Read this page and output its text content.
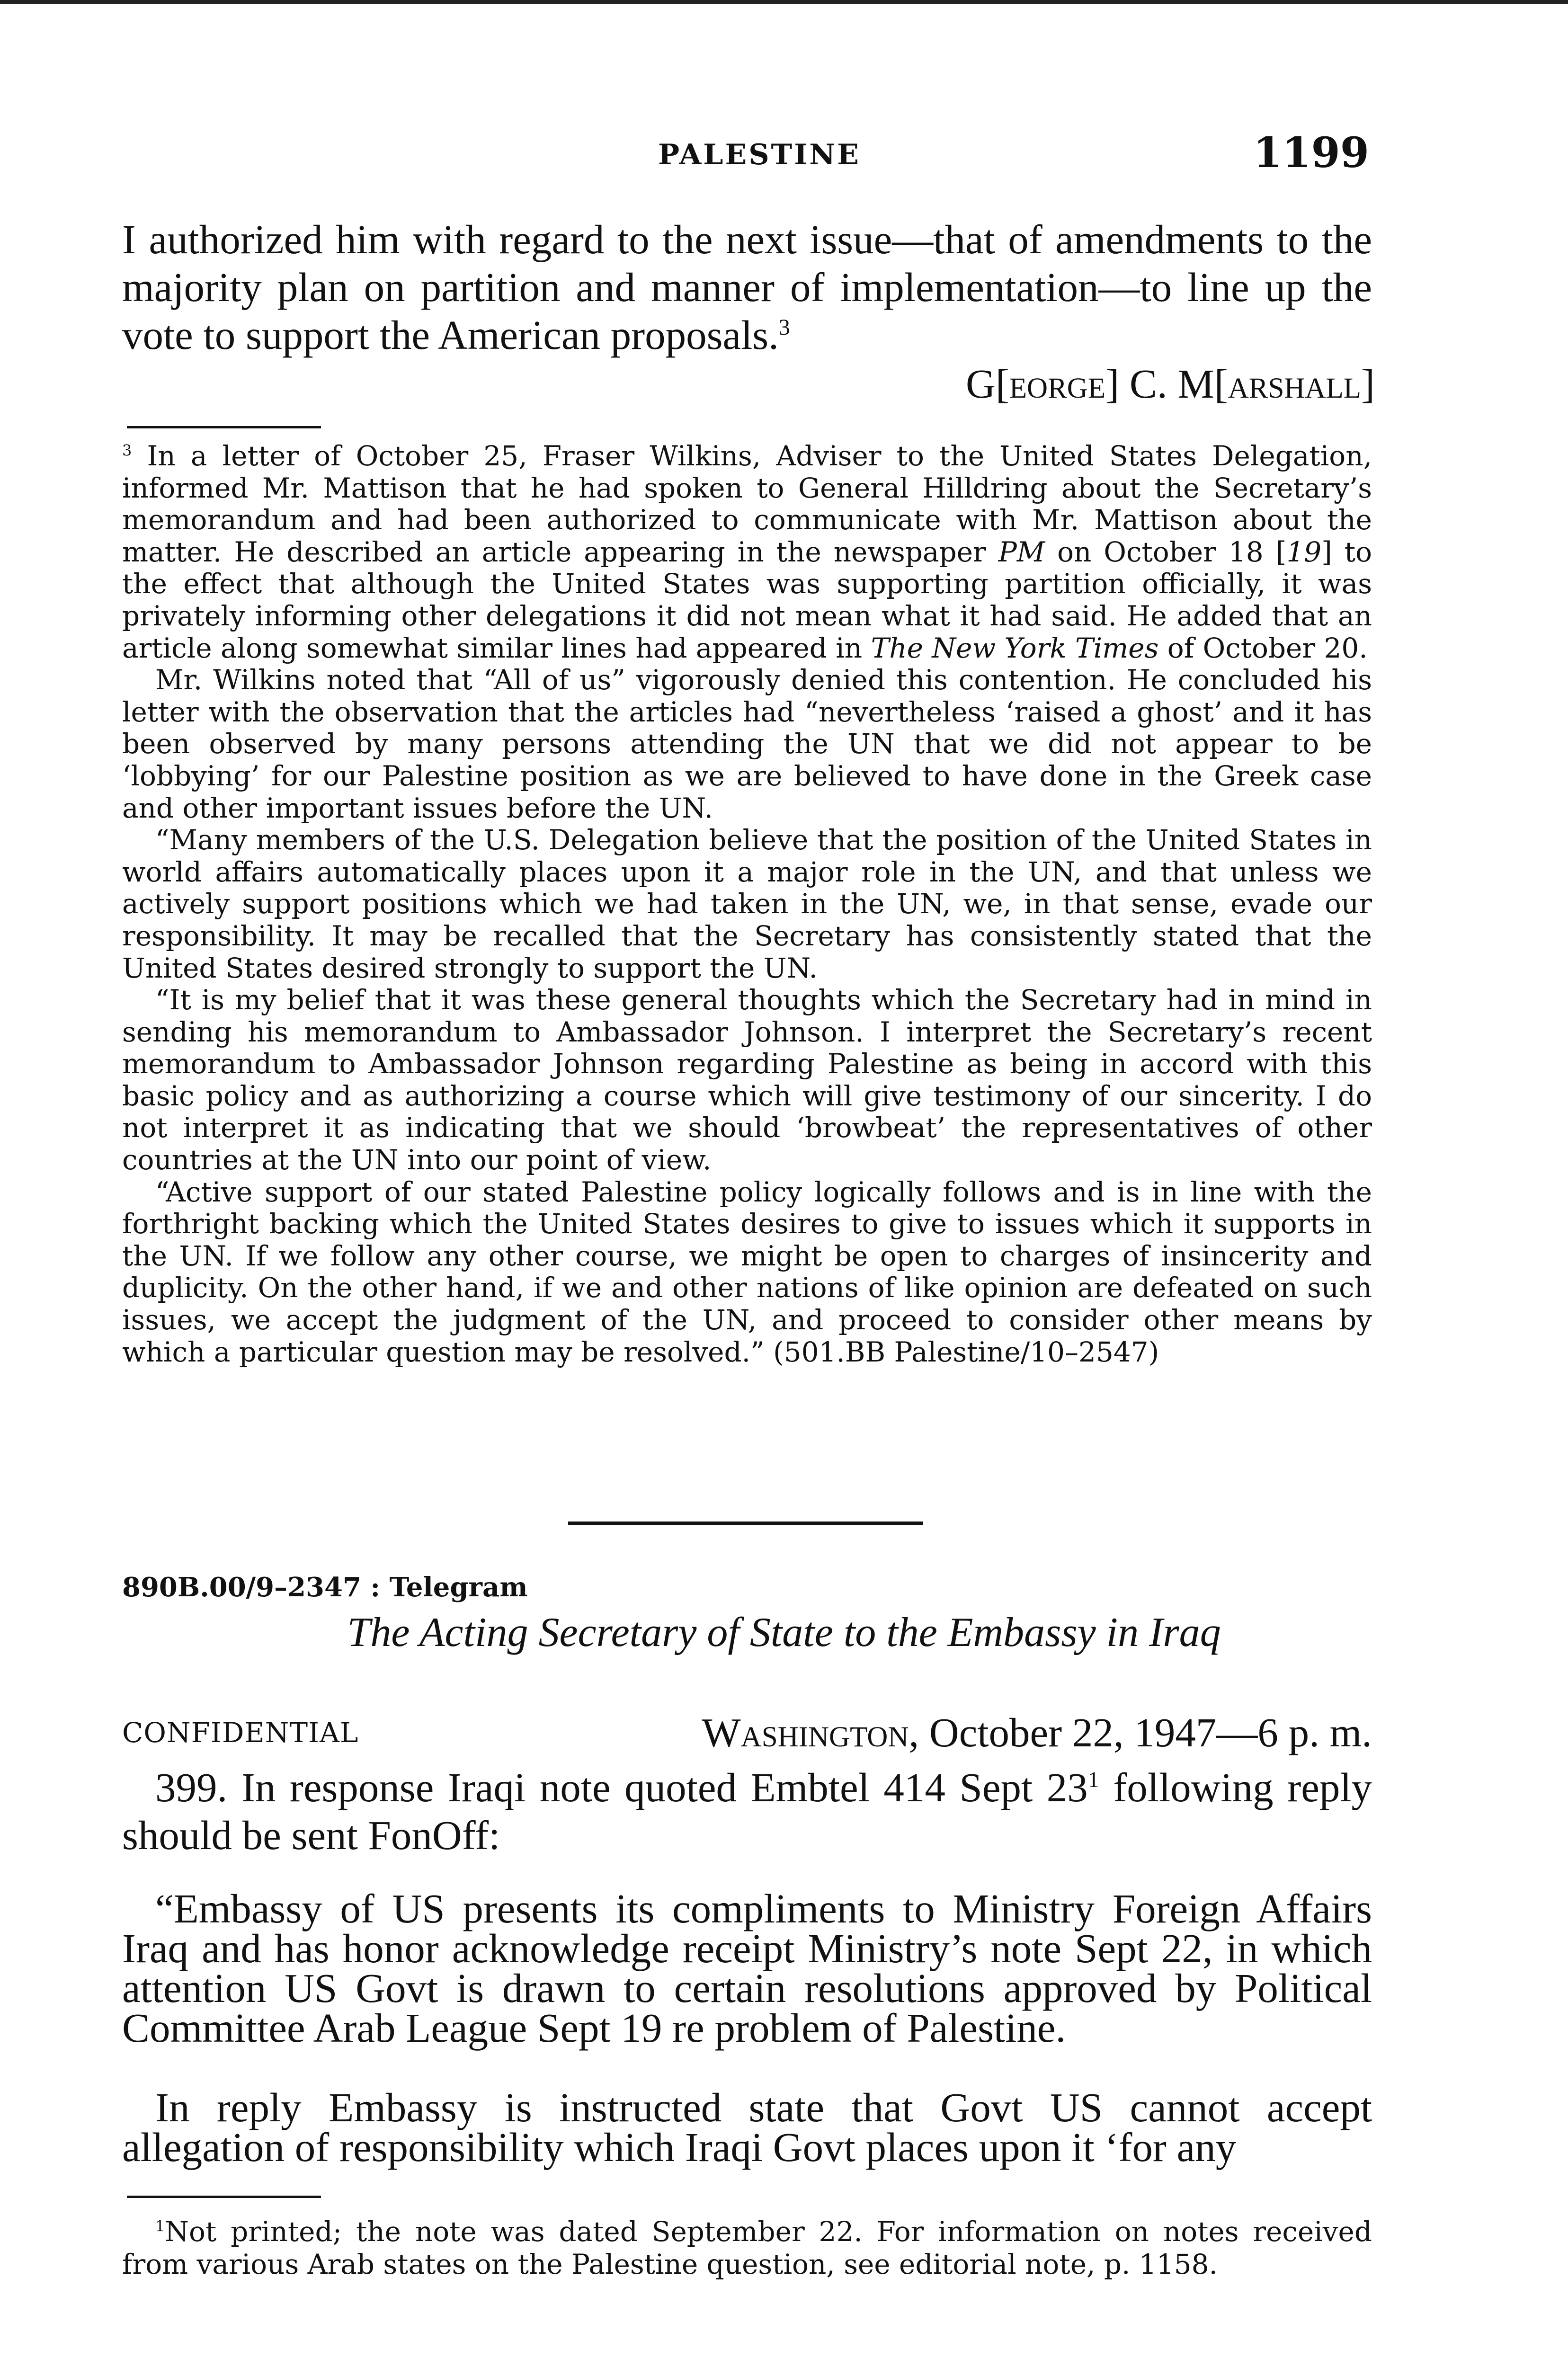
PALESTINE	1199
I authorized him with regard to the next issue—that of amendments to the majority plan on partition and manner of implementation—to line up the vote to support the American proposals.$^3$
G[eorge] C. M[arshall]
$^3$ In a letter of October 25, Fraser Wilkins, Adviser to the United States Delegation, informed Mr. Mattison that he had spoken to General Hilldring about the Secretary’s memorandum and had been authorized to communicate with Mr. Mattison about the matter. He described an article appearing in the newspaper PM on October 18 [19] to the effect that although the United States was supporting partition officially, it was privately informing other delegations it did not mean what it had said. He added that an article along somewhat similar lines had appeared in The New York Times of October 20.
Mr. Wilkins noted that “All of us” vigorously denied this contention. He concluded his letter with the observation that the articles had “nevertheless ‘raised a ghost’ and it has been observed by many persons attending the UN that we did not appear to be ‘lobbying’ for our Palestine position as we are believed to have done in the Greek case and other important issues before the UN.
“Many members of the U.S. Delegation believe that the position of the United States in world affairs automatically places upon it a major role in the UN, and that unless we actively support positions which we had taken in the UN, we, in that sense, evade our responsibility. It may be recalled that the Secretary has consistently stated that the United States desired strongly to support the UN.
“It is my belief that it was these general thoughts which the Secretary had in mind in sending his memorandum to Ambassador Johnson. I interpret the Secretary’s recent memorandum to Ambassador Johnson regarding Palestine as being in accord with this basic policy and as authorizing a course which will give testimony of our sincerity. I do not interpret it as indicating that we should ‘browbeat’ the representatives of other countries at the UN into our point of view.
“Active support of our stated Palestine policy logically follows and is in line with the forthright backing which the United States desires to give to issues which it supports in the UN. If we follow any other course, we might be open to charges of insincerity and duplicity. On the other hand, if we and other nations of like opinion are defeated on such issues, we accept the judgment of the UN, and proceed to consider other means by which a particular question may be resolved.” (501.BB Palestine/10–2547)
890B.00/9–2347 : Telegram
The Acting Secretary of State to the Embassy in Iraq
CONFIDENTIAL	Washington, October 22, 1947—6 p. m.
399. In response Iraqi note quoted Embtel 414 Sept $23^1$ following reply should be sent FonOff:
“Embassy of US presents its compliments to Ministry Foreign Affairs Iraq and has honor acknowledge receipt Ministry’s note Sept 22, in which attention US Govt is drawn to certain resolutions approved by Political Committee Arab League Sept 19 re problem of Palestine.
In reply Embassy is instructed state that Govt US cannot accept allegation of responsibility which Iraqi Govt places upon it ‘for any
$^1$Not printed; the note was dated September 22. For information on notes received from various Arab states on the Palestine question, see editorial note, p. 1158.
